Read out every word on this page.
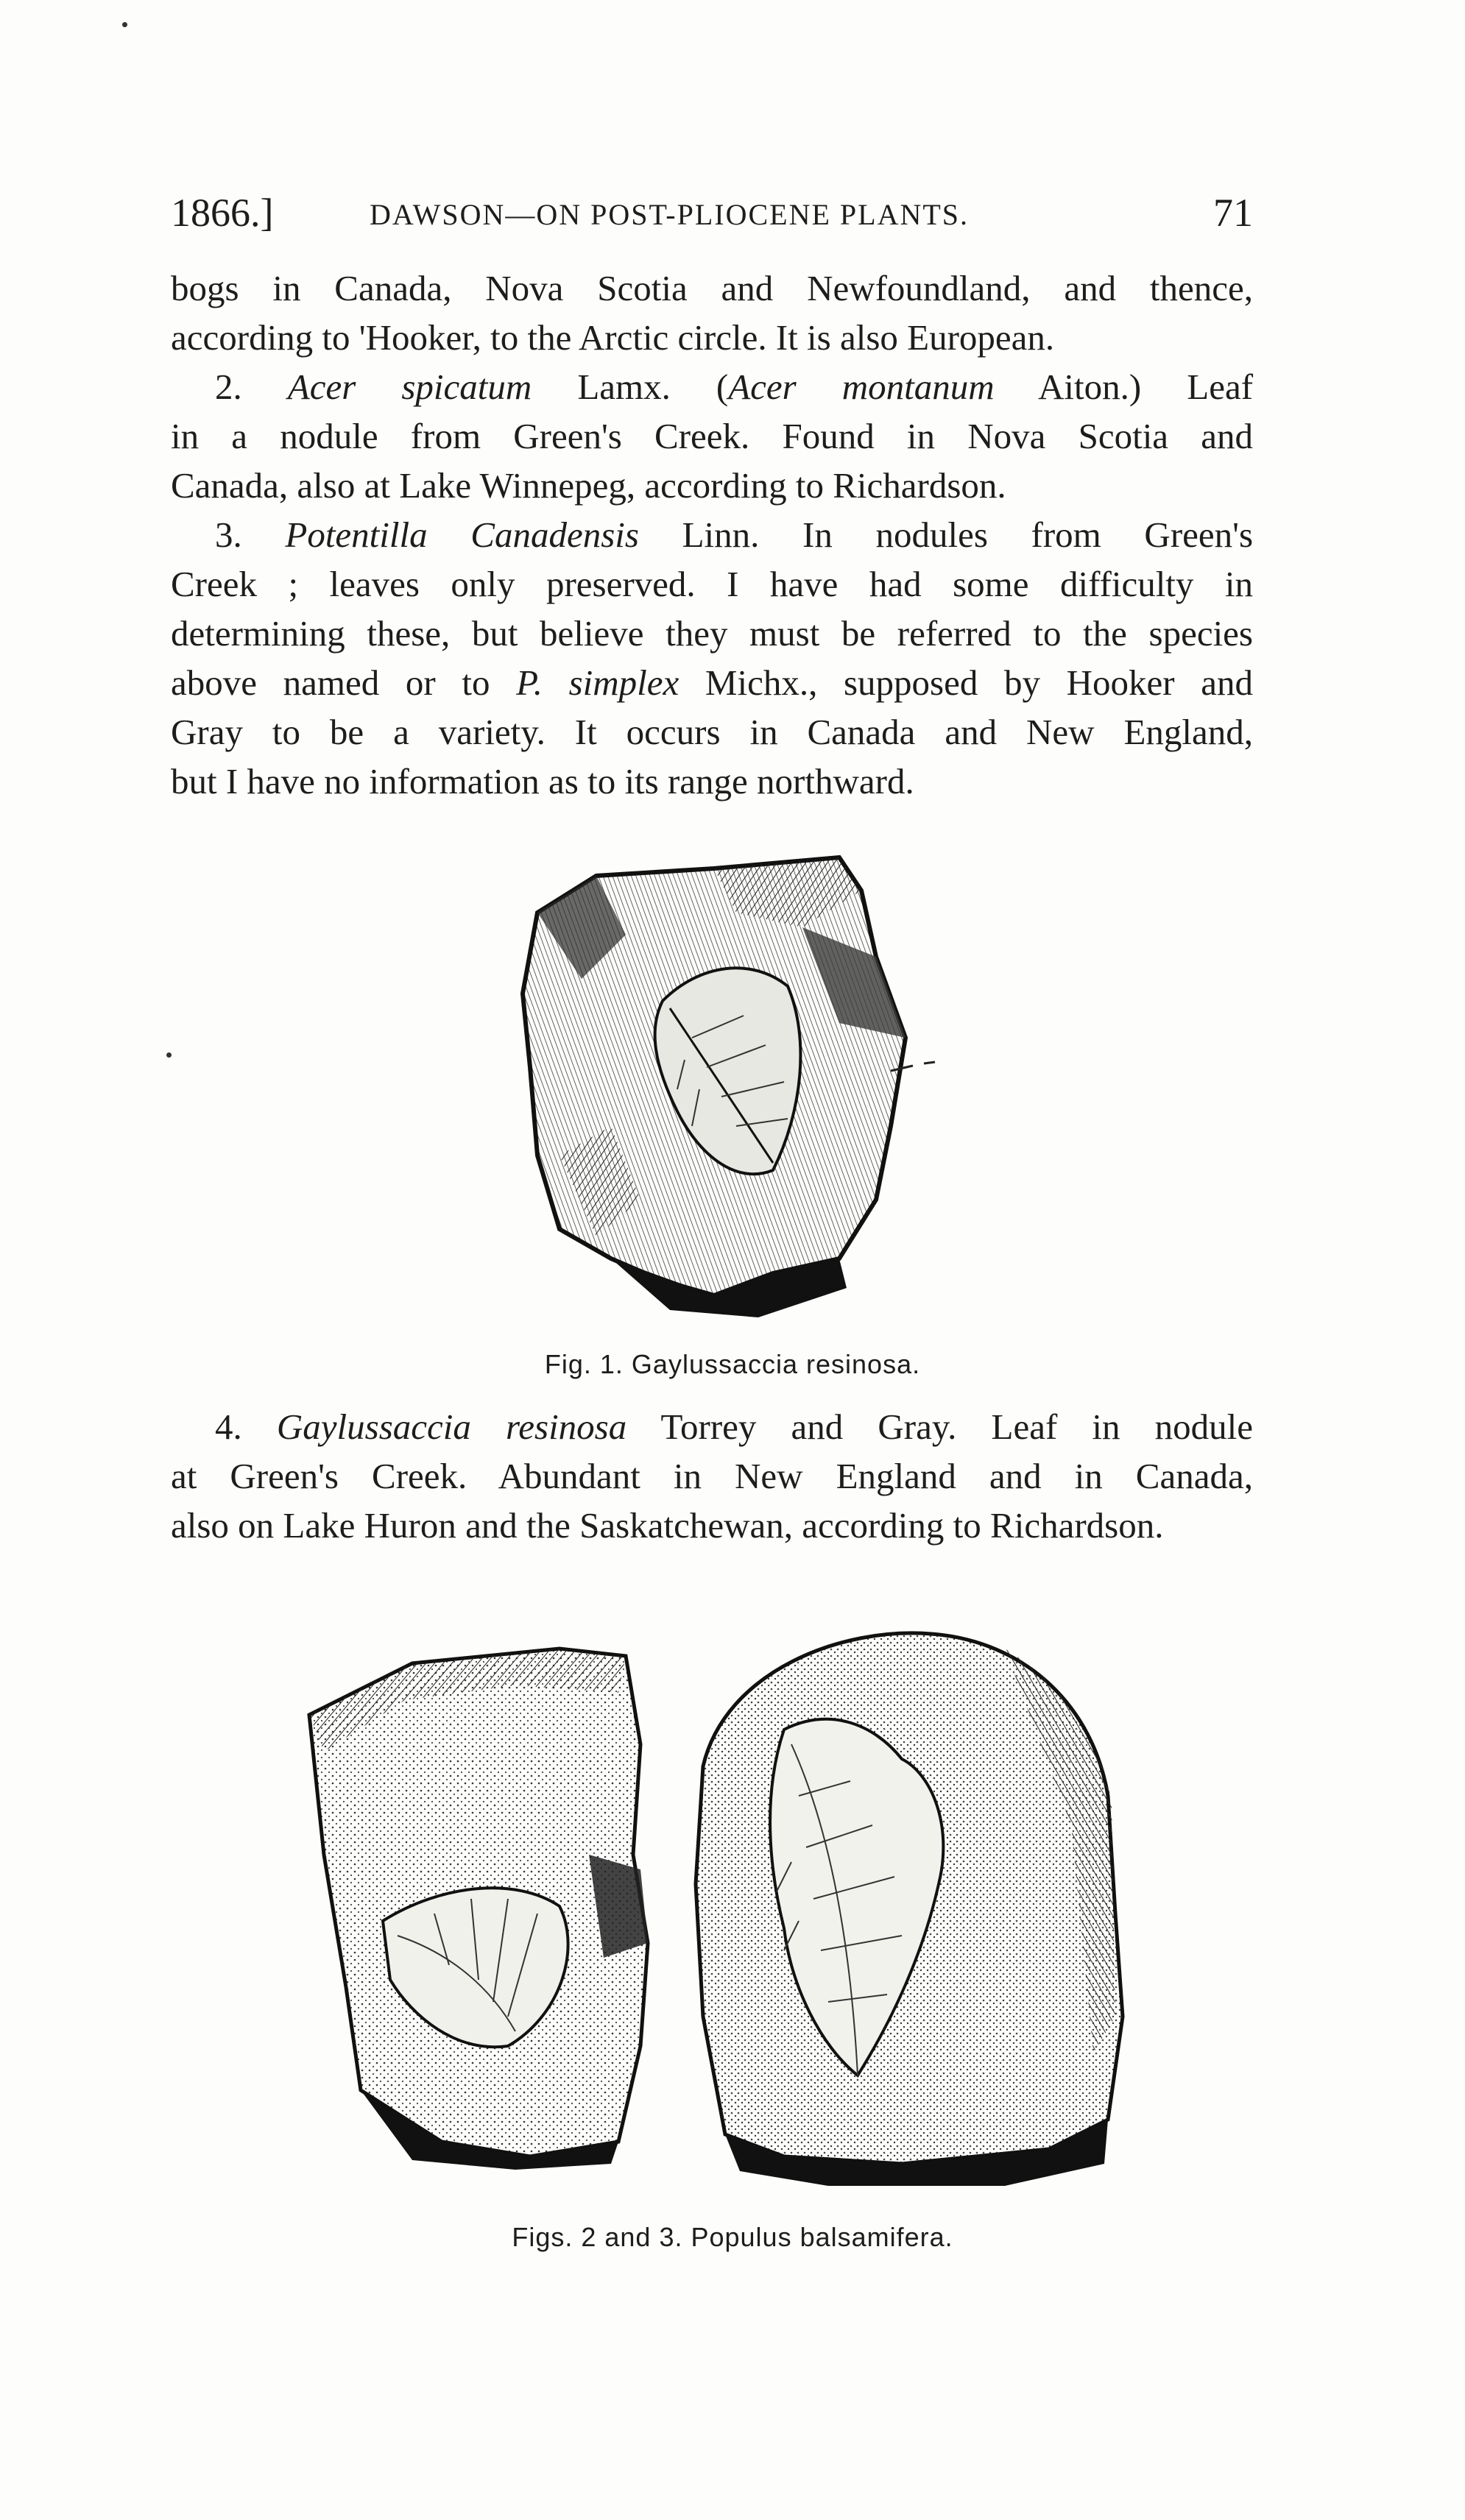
1866.]	DAWSON—ON POST-PLIOCENE PLANTS.	71
bogs in Canada, Nova Scotia and Newfoundland, and thence,
according to 'Hooker, to the Arctic circle. It is also European.
2. Acer spicatum Lamx. (Acer montanum Aiton.) Leaf
in a nodule from Green's Creek. Found in Nova Scotia and
Canada, also at Lake Winnepeg, according to Richardson.
3. Potentilla Canadensis Linn. In nodules from Green's
Creek ; leaves only preserved. I have had some difficulty in
determining these, but believe they must be referred to the species
above named or to P. simplex Michx., supposed by Hooker and
Gray to be a variety. It occurs in Canada and New England,
but I have no information as to its range northward.
Fig. 1. Gaylussaccia resinosa.
4. Gaylussaccia resinosa Torrey and Gray. Leaf in nodule
at Green's Creek. Abundant in New England and in Canada,
also on Lake Huron and the Saskatchewan, according to Richardson.
Figs. 2 and 3. Populus balsamifera.
